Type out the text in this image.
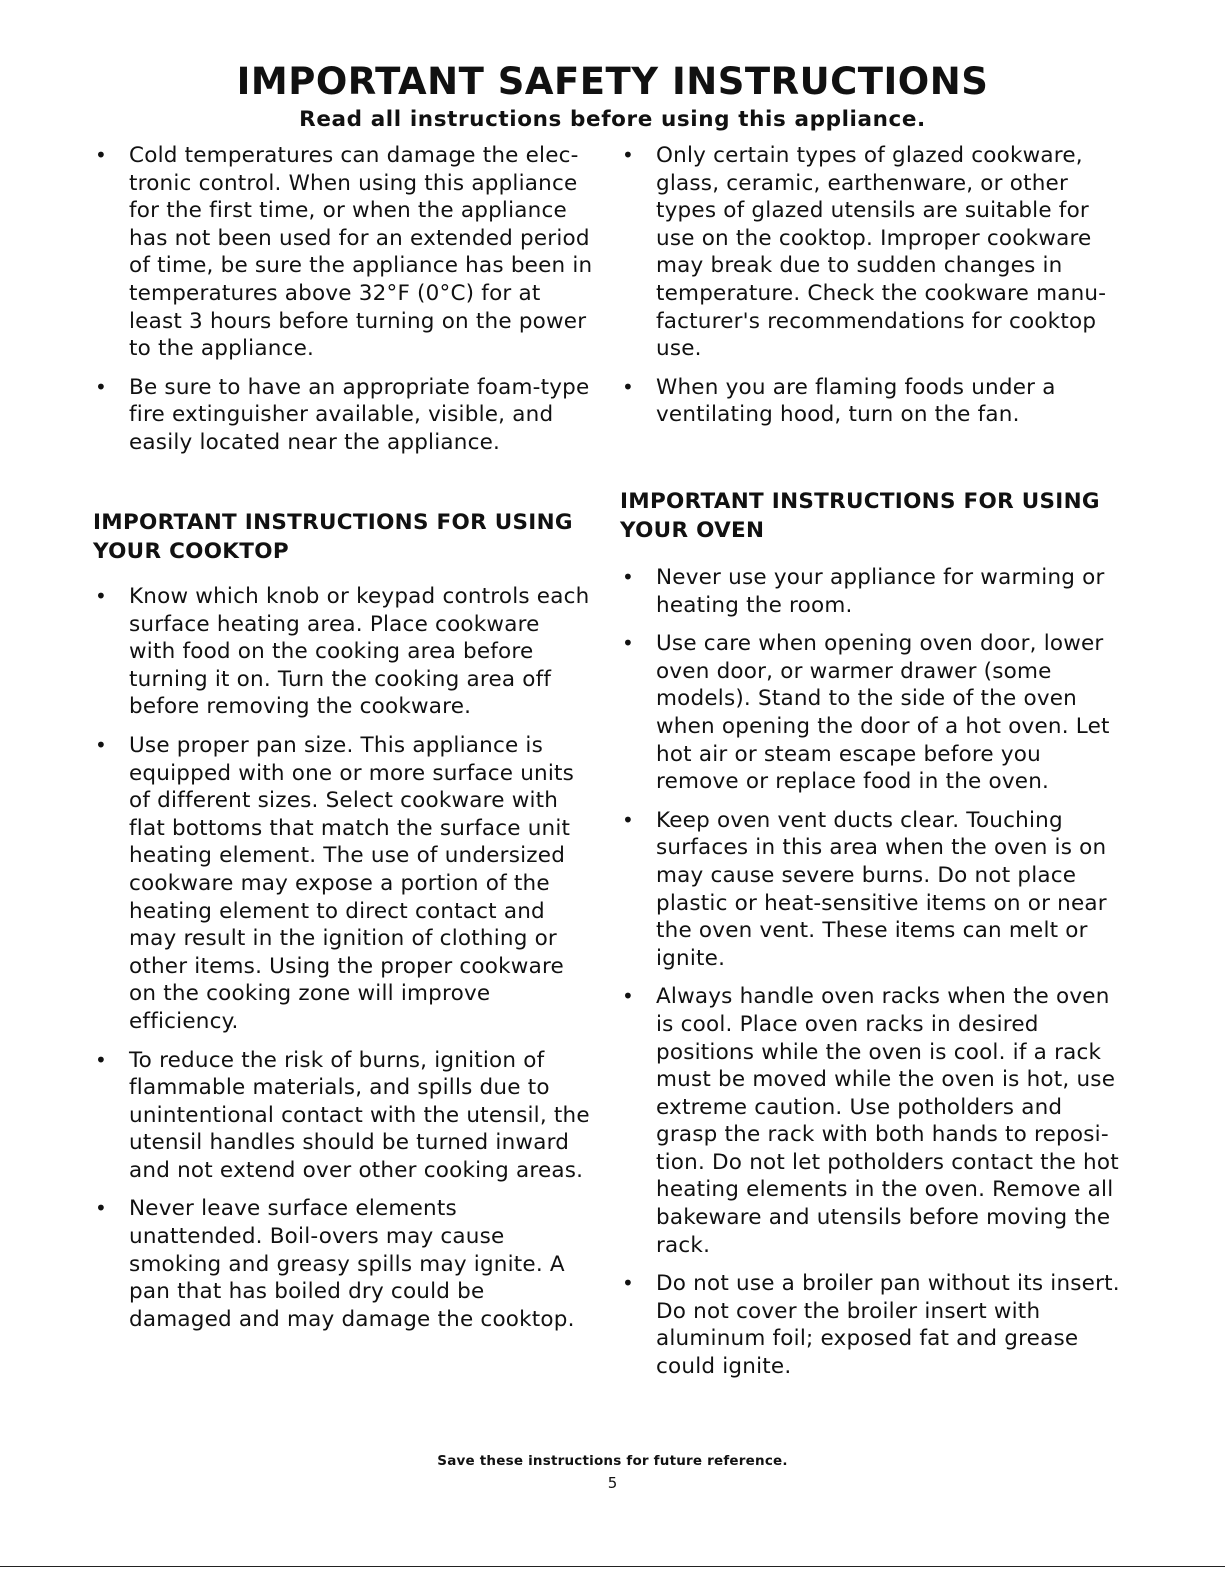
IMPORTANT SAFETY INSTRUCTIONS
Read all instructions before using this appliance.
• Cold temperatures can damage the elec- tronic control. When using this appliance for the first time, or when the appliance has not been used for an extended period of time, be sure the appliance has been in temperatures above 32°F (0°C) for at least 3 hours before turning on the power to the appliance.
• Be sure to have an appropriate foam-type fire extinguisher available, visible, and easily located near the appliance.
IMPORTANT INSTRUCTIONS FOR USING YOUR COOKTOP
• Know which knob or keypad controls each surface heating area. Place cookware with food on the cooking area before turning it on. Turn the cooking area off before removing the cookware.
• Use proper pan size. This appliance is equipped with one or more surface units of different sizes. Select cookware with flat bottoms that match the surface unit heating element. The use of undersized cookware may expose a portion of the heating element to direct contact and may result in the ignition of clothing or other items. Using the proper cookware on the cooking zone will improve efficiency.
• To reduce the risk of burns, ignition of flammable materials, and spills due to unintentional contact with the utensil, the utensil handles should be turned inward and not extend over other cooking areas.
• Never leave surface elements unattended. Boil-overs may cause smoking and greasy spills may ignite. A pan that has boiled dry could be damaged and may damage the cooktop.
• Only certain types of glazed cookware, glass, ceramic, earthenware, or other types of glazed utensils are suitable for use on the cooktop. Improper cookware may break due to sudden changes in temperature. Check the cookware manu- facturer's recommendations for cooktop use.
• When you are flaming foods under a ventilating hood, turn on the fan.
IMPORTANT INSTRUCTIONS FOR USING YOUR OVEN
• Never use your appliance for warming or heating the room.
• Use care when opening oven door, lower oven door, or warmer drawer (some models). Stand to the side of the oven when opening the door of a hot oven. Let hot air or steam escape before you remove or replace food in the oven.
• Keep oven vent ducts clear. Touching surfaces in this area when the oven is on may cause severe burns. Do not place plastic or heat-sensitive items on or near the oven vent. These items can melt or ignite.
• Always handle oven racks when the oven is cool. Place oven racks in desired positions while the oven is cool. if a rack must be moved while the oven is hot, use extreme caution. Use potholders and grasp the rack with both hands to reposi- tion. Do not let potholders contact the hot heating elements in the oven. Remove all bakeware and utensils before moving the rack.
• Do not use a broiler pan without its insert. Do not cover the broiler insert with aluminum foil; exposed fat and grease could ignite.
Save these instructions for future reference.
5
